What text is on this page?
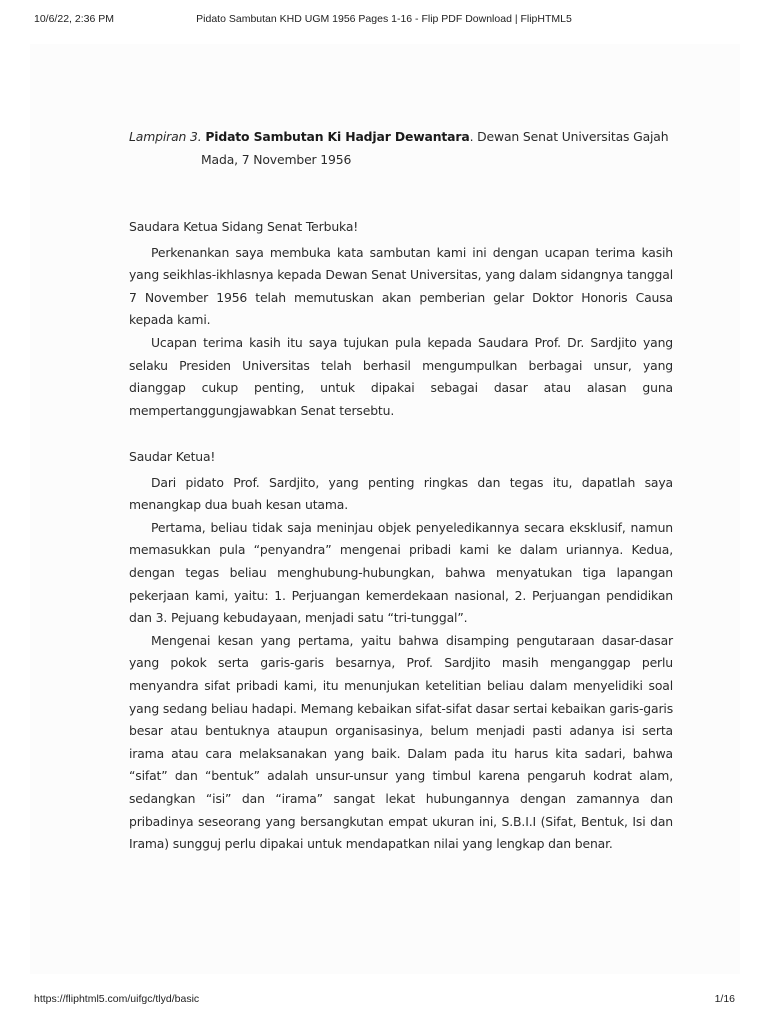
10/6/22, 2:36 PM	Pidato Sambutan KHD UGM 1956 Pages 1-16 - Flip PDF Download | FlipHTML5
Lampiran 3. Pidato Sambutan Ki Hadjar Dewantara. Dewan Senat Universitas Gajah
Mada, 7 November 1956
Saudara Ketua Sidang Senat Terbuka!

Perkenankan saya membuka kata sambutan kami ini dengan ucapan terima kasih yang seikhlas-ikhlasnya kepada Dewan Senat Universitas, yang dalam sidangnya tanggal 7 November 1956 telah memutuskan akan pemberian gelar Doktor Honoris Causa kepada kami.

Ucapan terima kasih itu saya tujukan pula kepada Saudara Prof. Dr. Sardjito yang selaku Presiden Universitas telah berhasil mengumpulkan berbagai unsur, yang dianggap cukup penting, untuk dipakai sebagai dasar atau alasan guna mempertanggungjawabkan Senat tersebtu.

Saudar Ketua!

Dari pidato Prof. Sardjito, yang penting ringkas dan tegas itu, dapatlah saya menangkap dua buah kesan utama.

Pertama, beliau tidak saja meninjau objek penyeledikannya secara eksklusif, namun memasukkan pula “penyandra” mengenai pribadi kami ke dalam uriannya. Kedua, dengan tegas beliau menghubung-hubungkan, bahwa menyatukan tiga lapangan pekerjaan kami, yaitu: 1. Perjuangan kemerdekaan nasional, 2. Perjuangan pendidikan dan 3. Pejuang kebudayaan, menjadi satu “tri-tunggal”.

Mengenai kesan yang pertama, yaitu bahwa disamping pengutaraan dasar-dasar yang pokok serta garis-garis besarnya, Prof. Sardjito masih menganggap perlu menyandra sifat pribadi kami, itu menunjukan ketelitian beliau dalam menyelidiki soal yang sedang beliau hadapi. Memang kebaikan sifat-sifat dasar sertai kebaikan garis-garis besar atau bentuknya ataupun organisasinya, belum menjadi pasti adanya isi serta irama atau cara melaksanakan yang baik. Dalam pada itu harus kita sadari, bahwa “sifat” dan “bentuk” adalah unsur-unsur yang timbul karena pengaruh kodrat alam, sedangkan “isi” dan “irama” sangat lekat hubungannya dengan zamannya dan pribadinya seseorang yang bersangkutan empat ukuran ini, S.B.I.I (Sifat, Bentuk, Isi dan Irama) sungguj perlu dipakai untuk mendapatkan nilai yang lengkap dan benar.

https://fliphtml5.com/uifgc/tlyd/basic	1/16
